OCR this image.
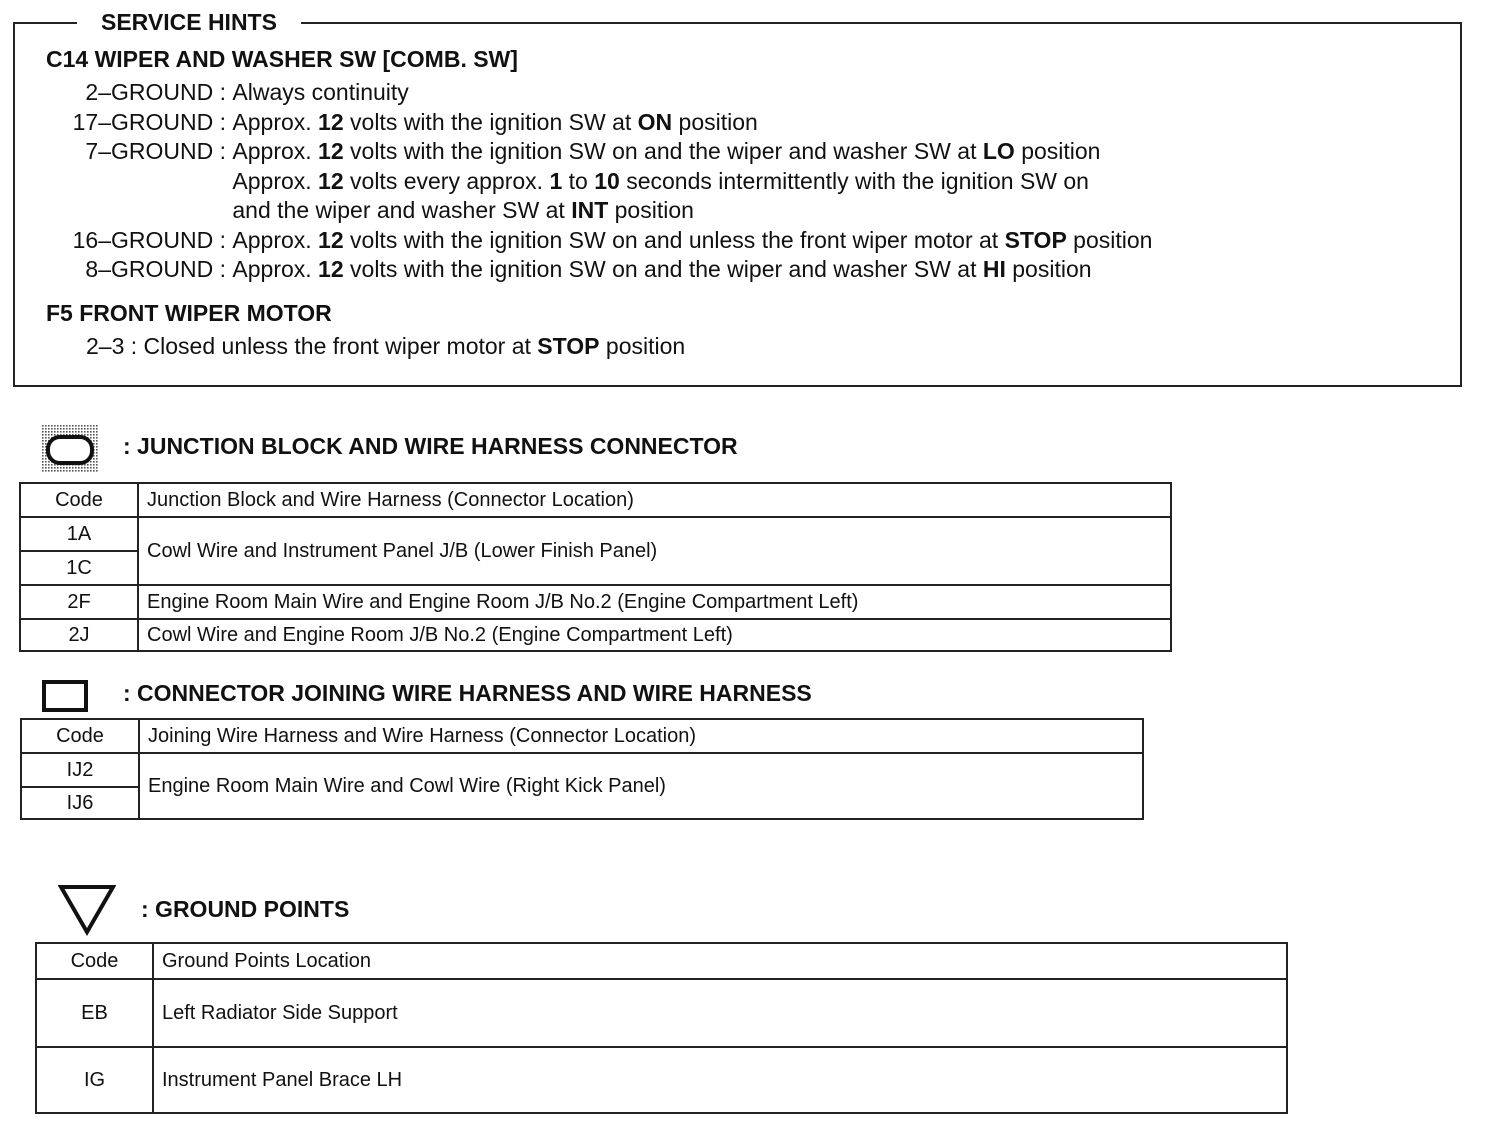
SERVICE HINTS
C14 WIPER AND WASHER SW [COMB. SW]
2–GROUND : Always continuity
17–GROUND : Approx. 12 volts with the ignition SW at ON position
7–GROUND : Approx. 12 volts with the ignition SW on and the wiper and washer SW at LO position
Approx. 12 volts every approx. 1 to 10 seconds intermittently with the ignition SW on
and the wiper and washer SW at INT position
16–GROUND : Approx. 12 volts with the ignition SW on and unless the front wiper motor at STOP position
8–GROUND : Approx. 12 volts with the ignition SW on and the wiper and washer SW at HI position
F5 FRONT WIPER MOTOR
2–3 : Closed unless the front wiper motor at STOP position
: JUNCTION BLOCK AND WIRE HARNESS CONNECTOR
Code	Junction Block and Wire Harness (Connector Location)
1A	Cowl Wire and Instrument Panel J/B (Lower Finish Panel)
1C	
2F	Engine Room Main Wire and Engine Room J/B No.2 (Engine Compartment Left)
2J	Cowl Wire and Engine Room J/B No.2 (Engine Compartment Left)
: CONNECTOR JOINING WIRE HARNESS AND WIRE HARNESS
Code	Joining Wire Harness and Wire Harness (Connector Location)
IJ2	Engine Room Main Wire and Cowl Wire (Right Kick Panel)
IJ6	
: GROUND POINTS
Code	Ground Points Location
EB	Left Radiator Side Support
IG	Instrument Panel Brace LH
